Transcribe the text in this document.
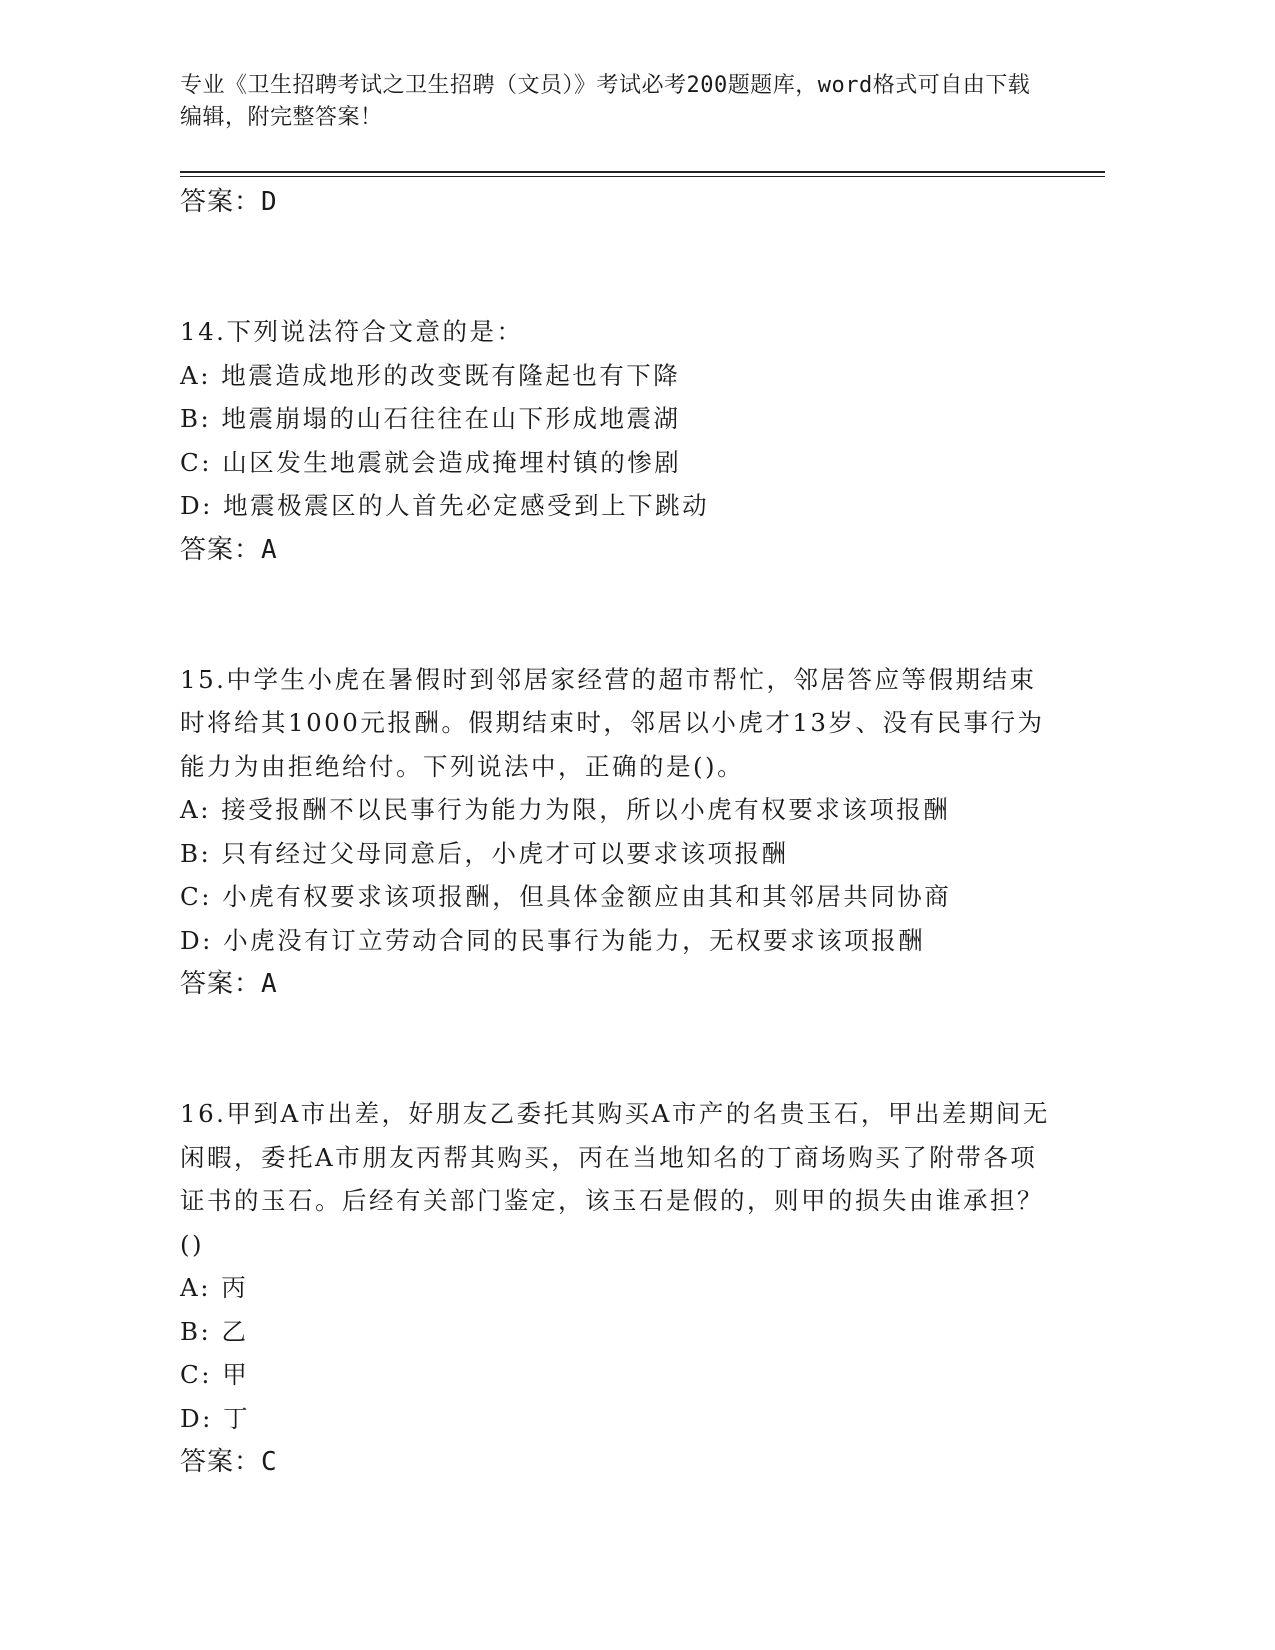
专业《卫生招聘考试之卫生招聘（文员）》考试必考200题题库，word格式可自由下载编辑，附完整答案！
答案：D
14.下列说法符合文意的是：
A: 地震造成地形的改变既有隆起也有下降
B: 地震崩塌的山石往往在山下形成地震湖
C: 山区发生地震就会造成掩埋村镇的惨剧
D: 地震极震区的人首先必定感受到上下跳动
答案：A
15.中学生小虎在暑假时到邻居家经营的超市帮忙，邻居答应等假期结束时将给其1000元报酬。假期结束时，邻居以小虎才13岁、没有民事行为能力为由拒绝给付。下列说法中，正确的是()。
A: 接受报酬不以民事行为能力为限，所以小虎有权要求该项报酬
B: 只有经过父母同意后，小虎才可以要求该项报酬
C: 小虎有权要求该项报酬，但具体金额应由其和其邻居共同协商
D: 小虎没有订立劳动合同的民事行为能力，无权要求该项报酬
答案：A
16.甲到A市出差，好朋友乙委托其购买A市产的名贵玉石，甲出差期间无闲暇，委托A市朋友丙帮其购买，丙在当地知名的丁商场购买了附带各项证书的玉石。后经有关部门鉴定，该玉石是假的，则甲的损失由谁承担？()
A: 丙
B: 乙
C: 甲
D: 丁
答案：C
